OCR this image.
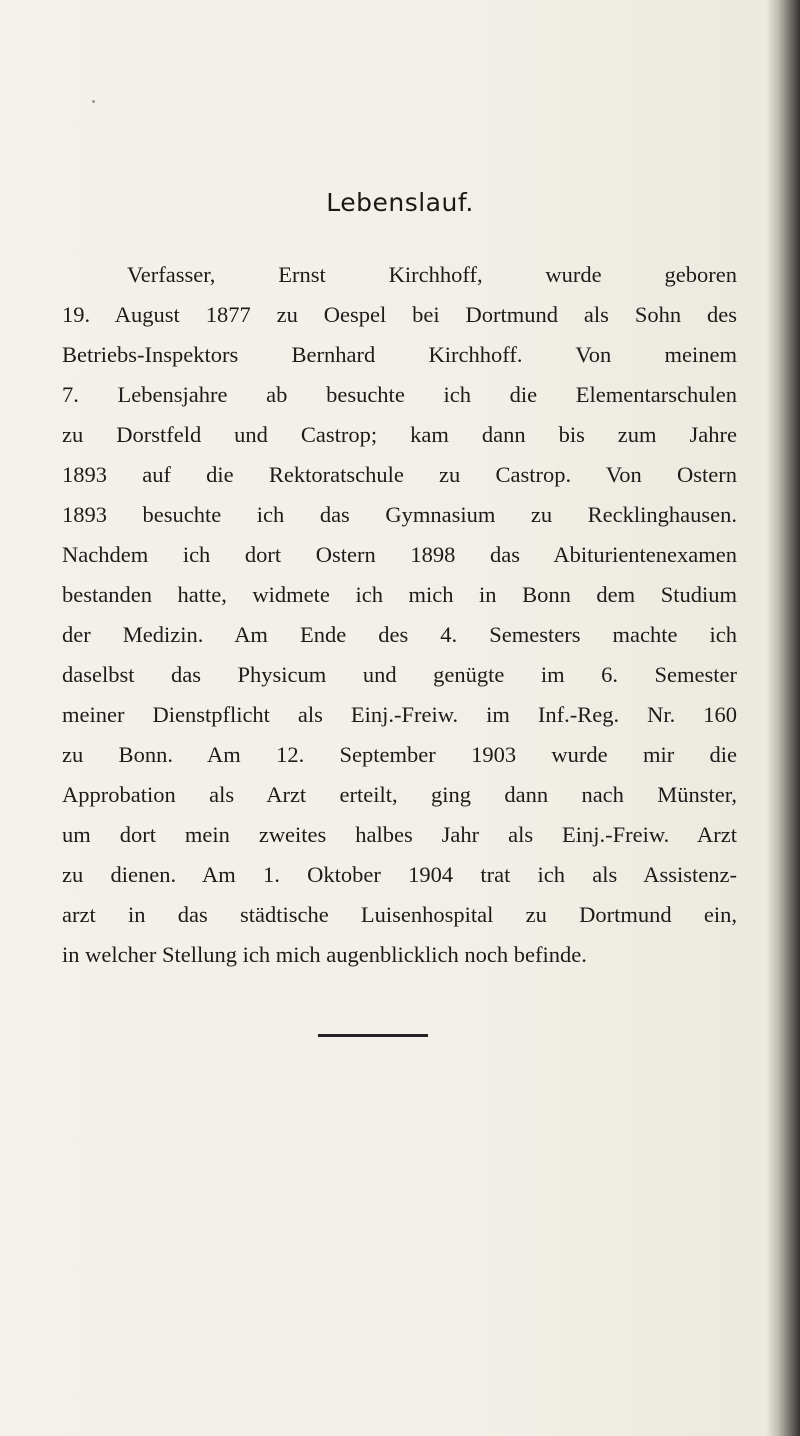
Lebenslauf.
Verfasser, Ernst Kirchhoff, wurde geboren
19. August 1877 zu Oespel bei Dortmund als Sohn des
Betriebs-Inspektors Bernhard Kirchhoff. Von meinem
7. Lebensjahre ab besuchte ich die Elementarschulen
zu Dorstfeld und Castrop; kam dann bis zum Jahre
1893 auf die Rektoratschule zu Castrop. Von Ostern
1893 besuchte ich das Gymnasium zu Recklinghausen.
Nachdem ich dort Ostern 1898 das Abiturientenexamen
bestanden hatte, widmete ich mich in Bonn dem Studium
der Medizin. Am Ende des 4. Semesters machte ich
daselbst das Physicum und genügte im 6. Semester
meiner Dienstpflicht als Einj.-Freiw. im Inf.-Reg. Nr. 160
zu Bonn. Am 12. September 1903 wurde mir die
Approbation als Arzt erteilt, ging dann nach Münster,
um dort mein zweites halbes Jahr als Einj.-Freiw. Arzt
zu dienen. Am 1. Oktober 1904 trat ich als Assistenz-
arzt in das städtische Luisenhospital zu Dortmund ein,
in welcher Stellung ich mich augenblicklich noch befinde.
